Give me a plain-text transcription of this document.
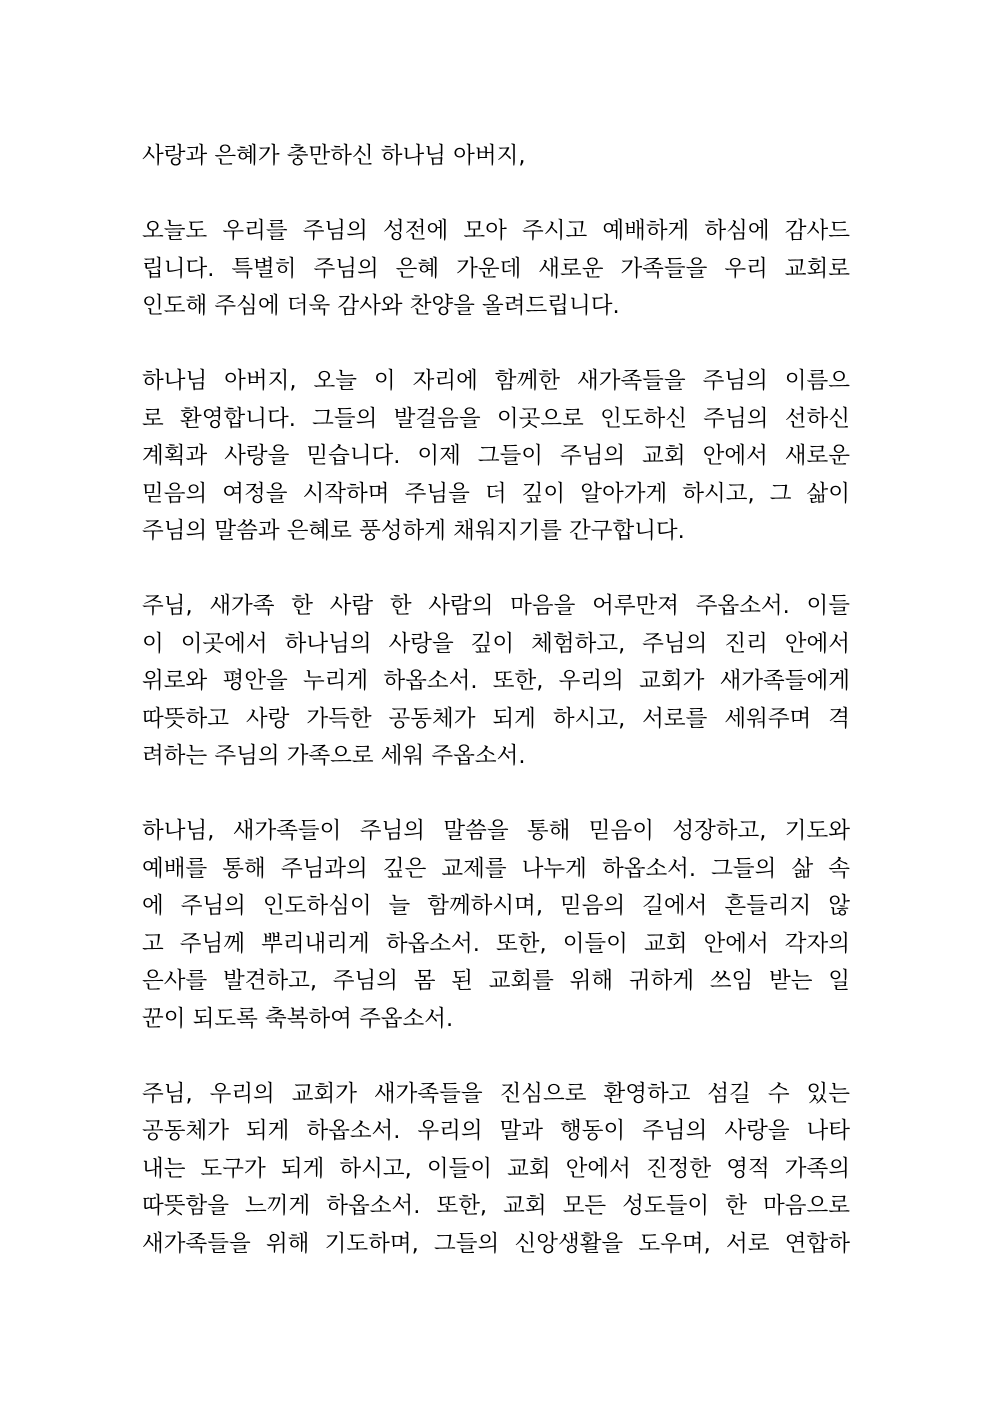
사랑과 은혜가 충만하신 하나님 아버지,
오늘도 우리를 주님의 성전에 모아 주시고 예배하게 하심에 감사드
립니다. 특별히 주님의 은혜 가운데 새로운 가족들을 우리 교회로
인도해 주심에 더욱 감사와 찬양을 올려드립니다.
하나님 아버지, 오늘 이 자리에 함께한 새가족들을 주님의 이름으
로 환영합니다. 그들의 발걸음을 이곳으로 인도하신 주님의 선하신
계획과 사랑을 믿습니다. 이제 그들이 주님의 교회 안에서 새로운
믿음의 여정을 시작하며 주님을 더 깊이 알아가게 하시고, 그 삶이
주님의 말씀과 은혜로 풍성하게 채워지기를 간구합니다.
주님, 새가족 한 사람 한 사람의 마음을 어루만져 주옵소서. 이들
이 이곳에서 하나님의 사랑을 깊이 체험하고, 주님의 진리 안에서
위로와 평안을 누리게 하옵소서. 또한, 우리의 교회가 새가족들에게
따뜻하고 사랑 가득한 공동체가 되게 하시고, 서로를 세워주며 격
려하는 주님의 가족으로 세워 주옵소서.
하나님, 새가족들이 주님의 말씀을 통해 믿음이 성장하고, 기도와
예배를 통해 주님과의 깊은 교제를 나누게 하옵소서. 그들의 삶 속
에 주님의 인도하심이 늘 함께하시며, 믿음의 길에서 흔들리지 않
고 주님께 뿌리내리게 하옵소서. 또한, 이들이 교회 안에서 각자의
은사를 발견하고, 주님의 몸 된 교회를 위해 귀하게 쓰임 받는 일
꾼이 되도록 축복하여 주옵소서.
주님, 우리의 교회가 새가족들을 진심으로 환영하고 섬길 수 있는
공동체가 되게 하옵소서. 우리의 말과 행동이 주님의 사랑을 나타
내는 도구가 되게 하시고, 이들이 교회 안에서 진정한 영적 가족의
따뜻함을 느끼게 하옵소서. 또한, 교회 모든 성도들이 한 마음으로
새가족들을 위해 기도하며, 그들의 신앙생활을 도우며, 서로 연합하
